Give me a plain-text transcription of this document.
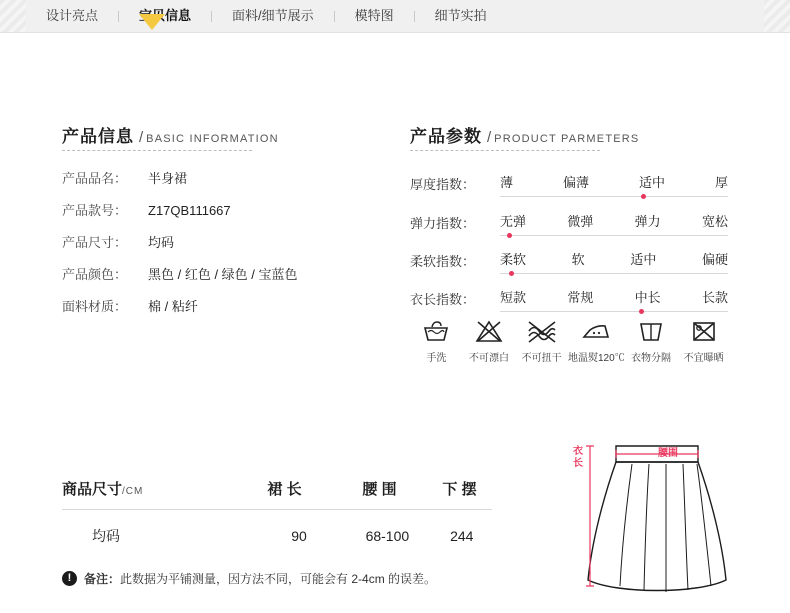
设计亮点	宝贝信息	面料/细节展示	模特图	细节实拍
产品信息 / BASIC INFORMATION
产品品名： 半身裙
产品款号： Z17QB111667
产品尺寸： 均码
产品颜色： 黑色 / 红色 / 绿色 / 宝蓝色
面料材质： 棉 / 粘纤
产品参数 / PRODUCT PARMETERS
厚度指数：	薄	偏薄	适中	厚
弹力指数：	无弹	微弹	弹力	宽松
柔软指数：	柔软	软	适中	偏硬
衣长指数：	短款	常规	中长	长款
手洗	不可漂白	不可扭干 地温熨120℃ 衣物分隔	不宜曝晒
商品尺寸/CM	裙 长	腰 围	下 摆
均码	90	68-100	244
!	备注： 此数据为平铺测量，因方法不同，可能会有 2-4cm 的误差。
腰围
衣长
